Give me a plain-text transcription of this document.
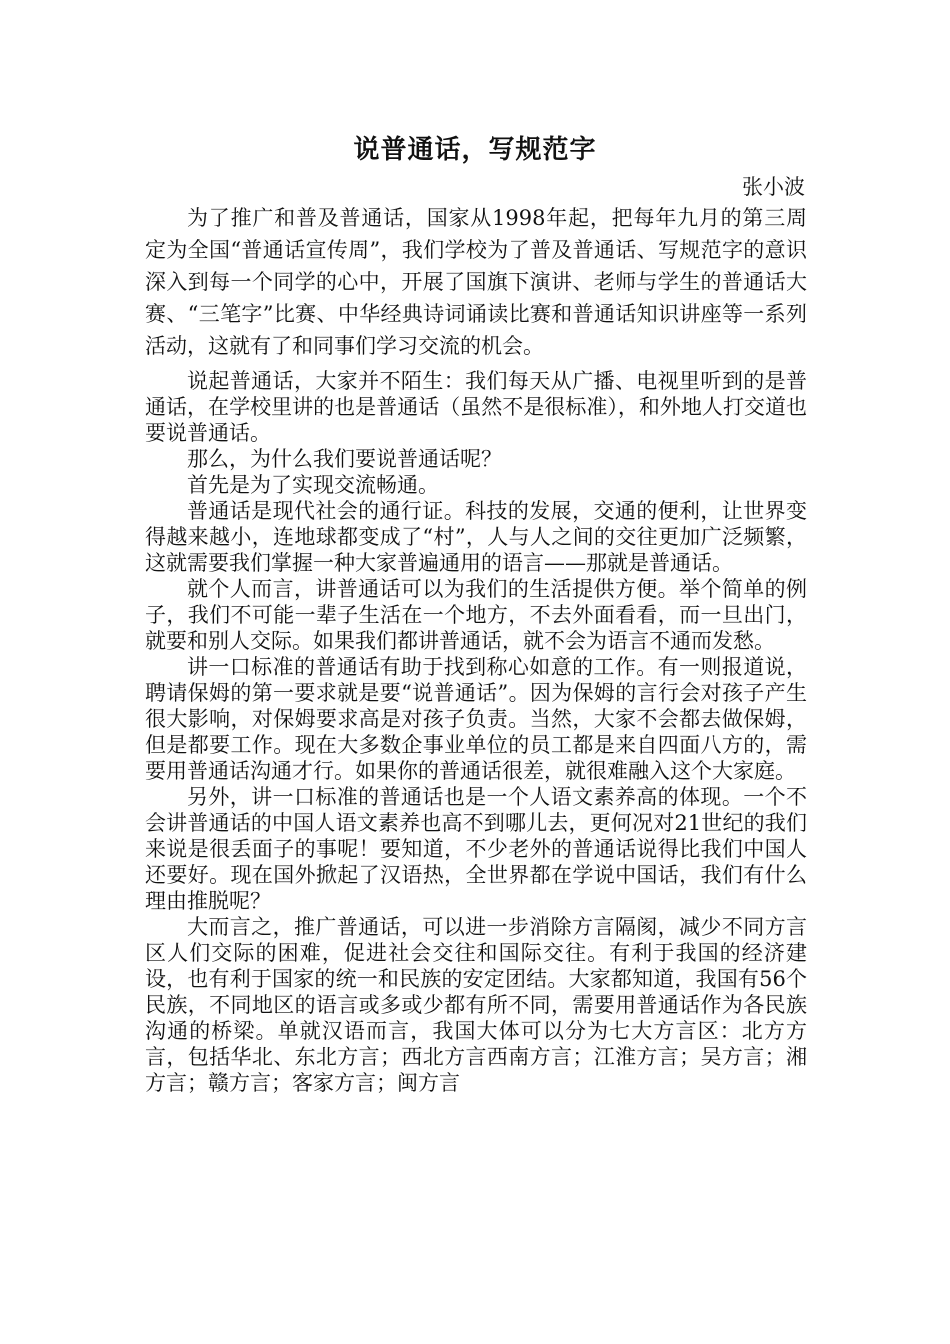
说普通话，写规范字
张小波

为了推广和普及普通话，国家从1998年起，把每年九月的第三周定为全国“普通话宣传周”，我们学校为了普及普通话、写规范字的意识深入到每一个同学的心中，开展了国旗下演讲、老师与学生的普通话大赛、“三笔字”比赛、中华经典诗词诵读比赛和普通话知识讲座等一系列活动，这就有了和同事们学习交流的机会。

说起普通话，大家并不陌生：我们每天从广播、电视里听到的是普通话，在学校里讲的也是普通话（虽然不是很标准），和外地人打交道也要说普通话。

那么，为什么我们要说普通话呢？

首先是为了实现交流畅通。

普通话是现代社会的通行证。科技的发展，交通的便利，让世界变得越来越小，连地球都变成了“村”，人与人之间的交往更加广泛频繁，这就需要我们掌握一种大家普遍通用的语言——那就是普通话。

就个人而言，讲普通话可以为我们的生活提供方便。举个简单的例子，我们不可能一辈子生活在一个地方，不去外面看看，而一旦出门，就要和别人交际。如果我们都讲普通话，就不会为语言不通而发愁。

讲一口标准的普通话有助于找到称心如意的工作。有一则报道说，聘请保姆的第一要求就是要“说普通话”。因为保姆的言行会对孩子产生很大影响，对保姆要求高是对孩子负责。当然，大家不会都去做保姆，但是都要工作。现在大多数企事业单位的员工都是来自四面八方的，需要用普通话沟通才行。如果你的普通话很差，就很难融入这个大家庭。

另外，讲一口标准的普通话也是一个人语文素养高的体现。一个不会讲普通话的中国人语文素养也高不到哪儿去，更何况对21世纪的我们来说是很丢面子的事呢！要知道，不少老外的普通话说得比我们中国人还要好。现在国外掀起了汉语热，全世界都在学说中国话，我们有什么理由推脱呢？

大而言之，推广普通话，可以进一步消除方言隔阂，减少不同方言区人们交际的困难，促进社会交往和国际交往。有利于我国的经济建设，也有利于国家的统一和民族的安定团结。大家都知道，我国有56个民族，不同地区的语言或多或少都有所不同，需要用普通话作为各民族沟通的桥梁。单就汉语而言，我国大体可以分为七大方言区：北方方言，包括华北、东北方言；西北方言西南方言；江淮方言；吴方言；湘方言；赣方言；客家方言；闽方言
